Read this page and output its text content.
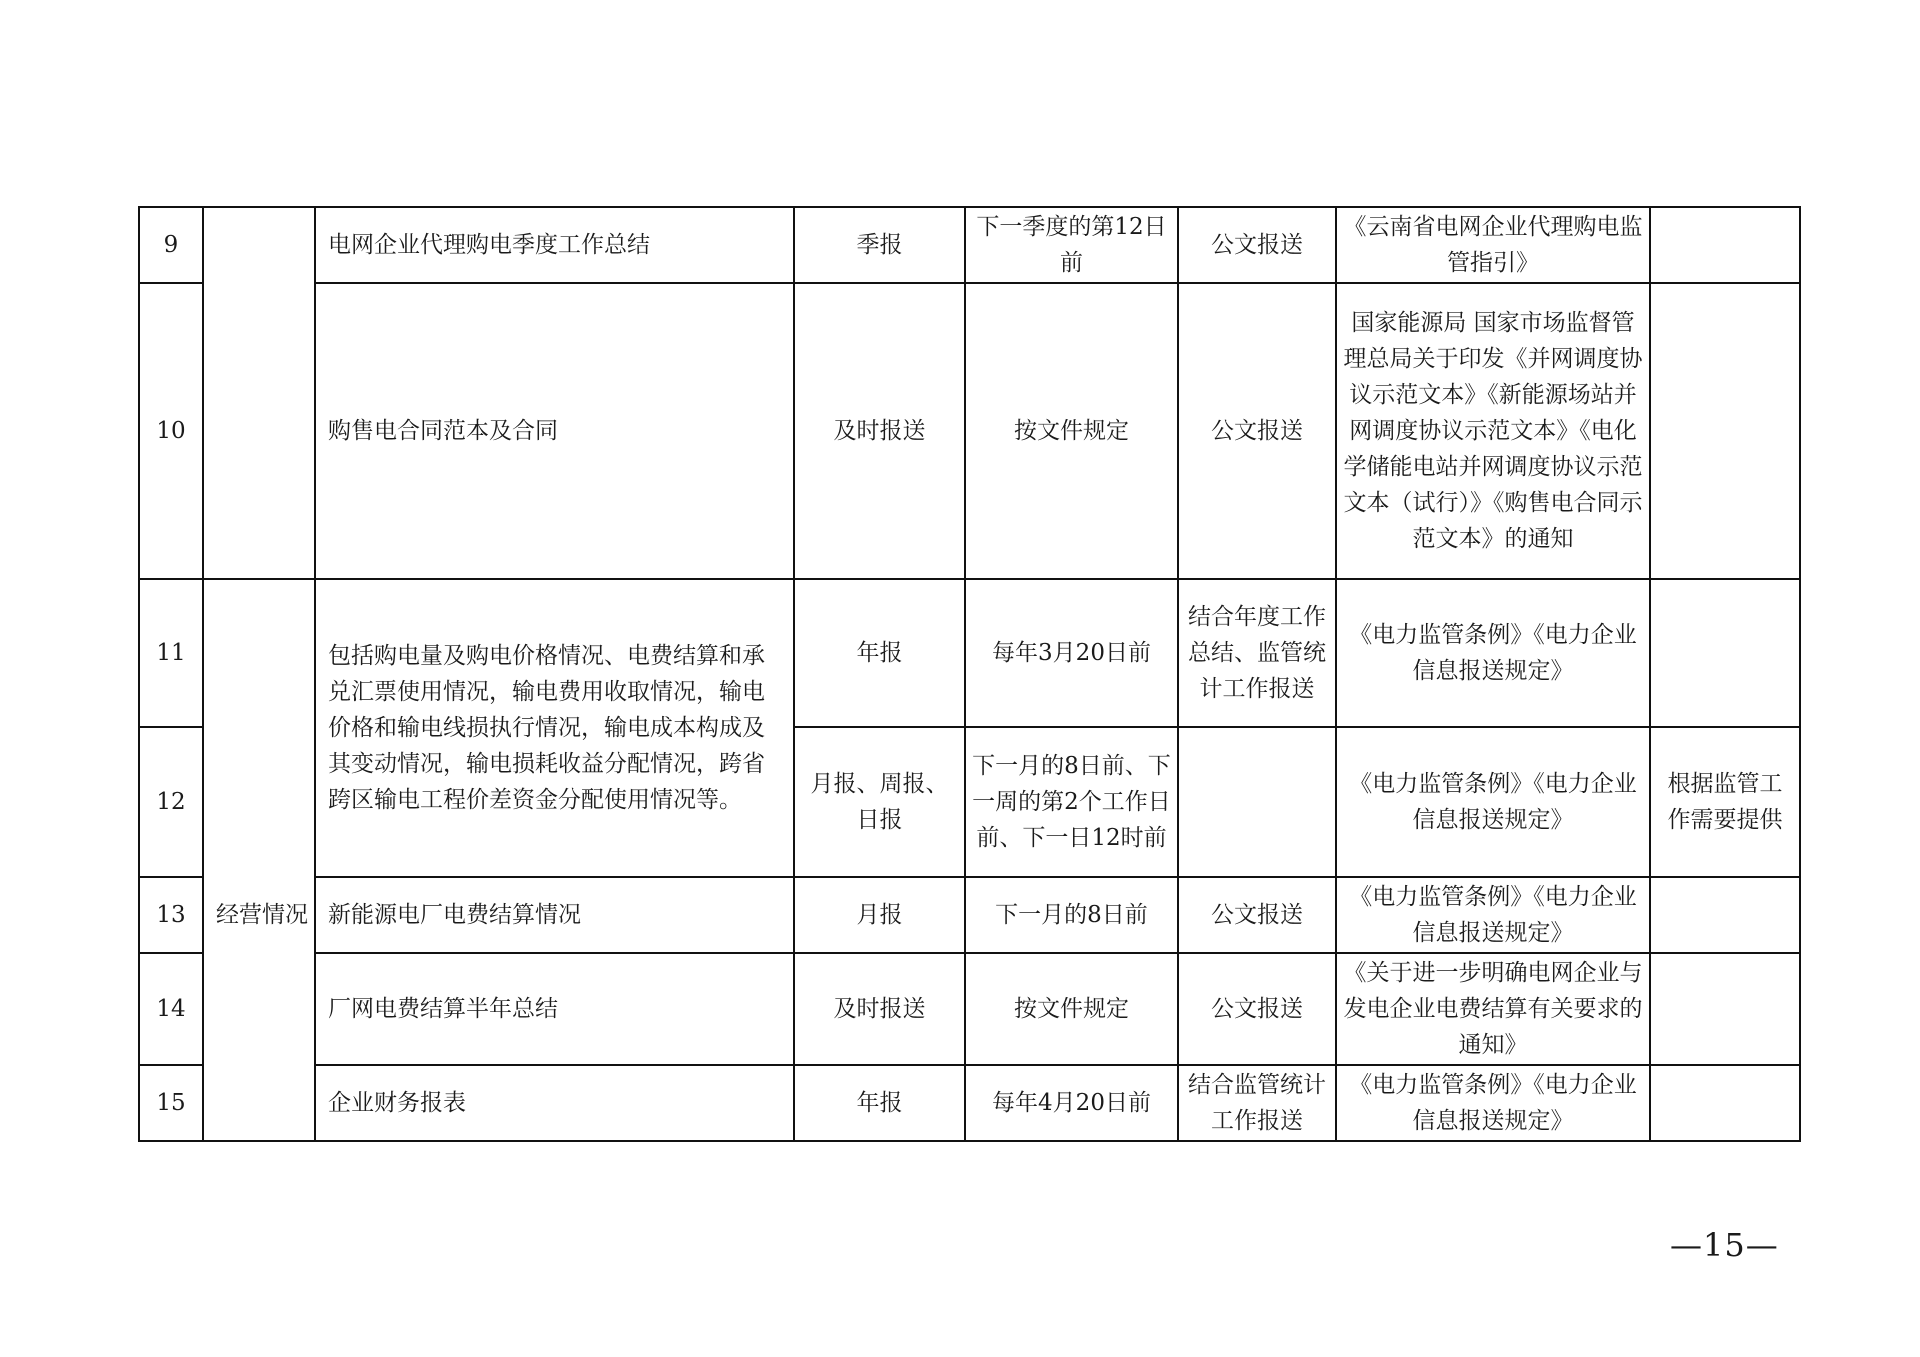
9		电网企业代理购电季度工作总结	季报	下一季度的第12日前	公文报送	《云南省电网企业代理购电监管指引》	
10		购售电合同范本及合同	及时报送	按文件规定	公文报送	国家能源局 国家市场监督管理总局关于印发《并网调度协议示范文本》《新能源场站并网调度协议示范文本》《电化学储能电站并网调度协议示范文本（试行）》《购售电合同示范文本》的通知	
11	经营情况	包括购电量及购电价格情况、电费结算和承兑汇票使用情况，输电费用收取情况，输电价格和输电线损执行情况，输电成本构成及其变动情况，输电损耗收益分配情况，跨省跨区输电工程价差资金分配使用情况等。	年报	每年3月20日前	结合年度工作总结、监管统计工作报送	《电力监管条例》《电力企业信息报送规定》	
12			月报、周报、日报	下一月的8日前、下一周的第2个工作日前、下一日12时前		《电力监管条例》《电力企业信息报送规定》	根据监管工作需要提供
13		新能源电厂电费结算情况	月报	下一月的8日前	公文报送	《电力监管条例》《电力企业信息报送规定》	
14		厂网电费结算半年总结	及时报送	按文件规定	公文报送	《关于进一步明确电网企业与发电企业电费结算有关要求的通知》	
15		企业财务报表	年报	每年4月20日前	结合监管统计工作报送	《电力监管条例》《电力企业信息报送规定》	
—15—
